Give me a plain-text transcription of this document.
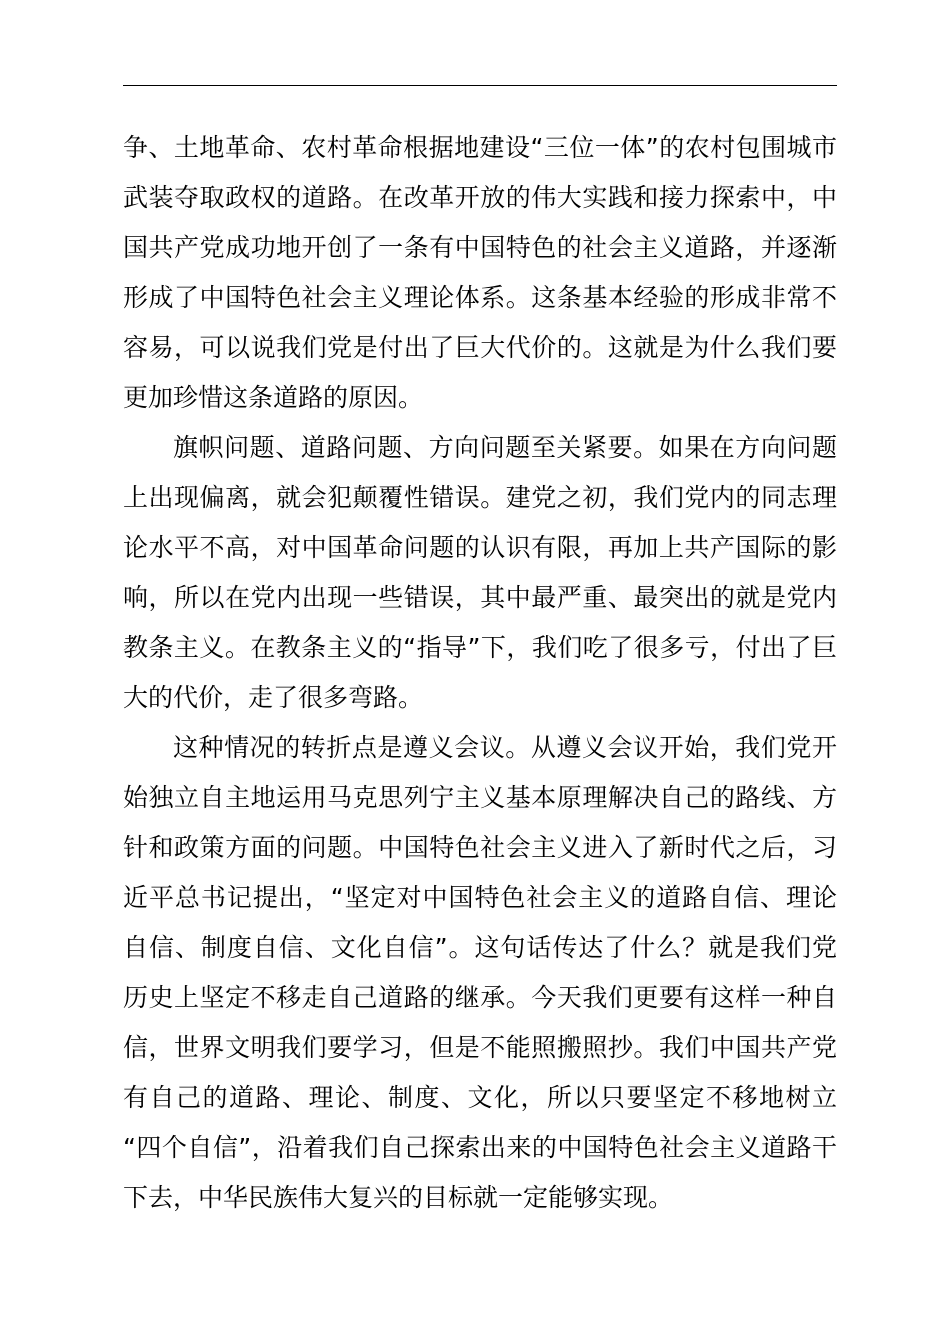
争、土地革命、农村革命根据地建设“三位一体”的农村包围城市
武装夺取政权的道路。在改革开放的伟大实践和接力探索中，中
国共产党成功地开创了一条有中国特色的社会主义道路，并逐渐
形成了中国特色社会主义理论体系。这条基本经验的形成非常不
容易，可以说我们党是付出了巨大代价的。这就是为什么我们要
更加珍惜这条道路的原因。
旗帜问题、道路问题、方向问题至关紧要。如果在方向问题
上出现偏离，就会犯颠覆性错误。建党之初，我们党内的同志理
论水平不高，对中国革命问题的认识有限，再加上共产国际的影
响，所以在党内出现一些错误，其中最严重、最突出的就是党内
教条主义。在教条主义的“指导”下，我们吃了很多亏，付出了巨
大的代价，走了很多弯路。
这种情况的转折点是遵义会议。从遵义会议开始，我们党开
始独立自主地运用马克思列宁主义基本原理解决自己的路线、方
针和政策方面的问题。中国特色社会主义进入了新时代之后，习
近平总书记提出，“坚定对中国特色社会主义的道路自信、理论
自信、制度自信、文化自信”。这句话传达了什么？就是我们党
历史上坚定不移走自己道路的继承。今天我们更要有这样一种自
信，世界文明我们要学习，但是不能照搬照抄。我们中国共产党
有自己的道路、理论、制度、文化，所以只要坚定不移地树立
“四个自信”，沿着我们自己探索出来的中国特色社会主义道路干
下去，中华民族伟大复兴的目标就一定能够实现。
